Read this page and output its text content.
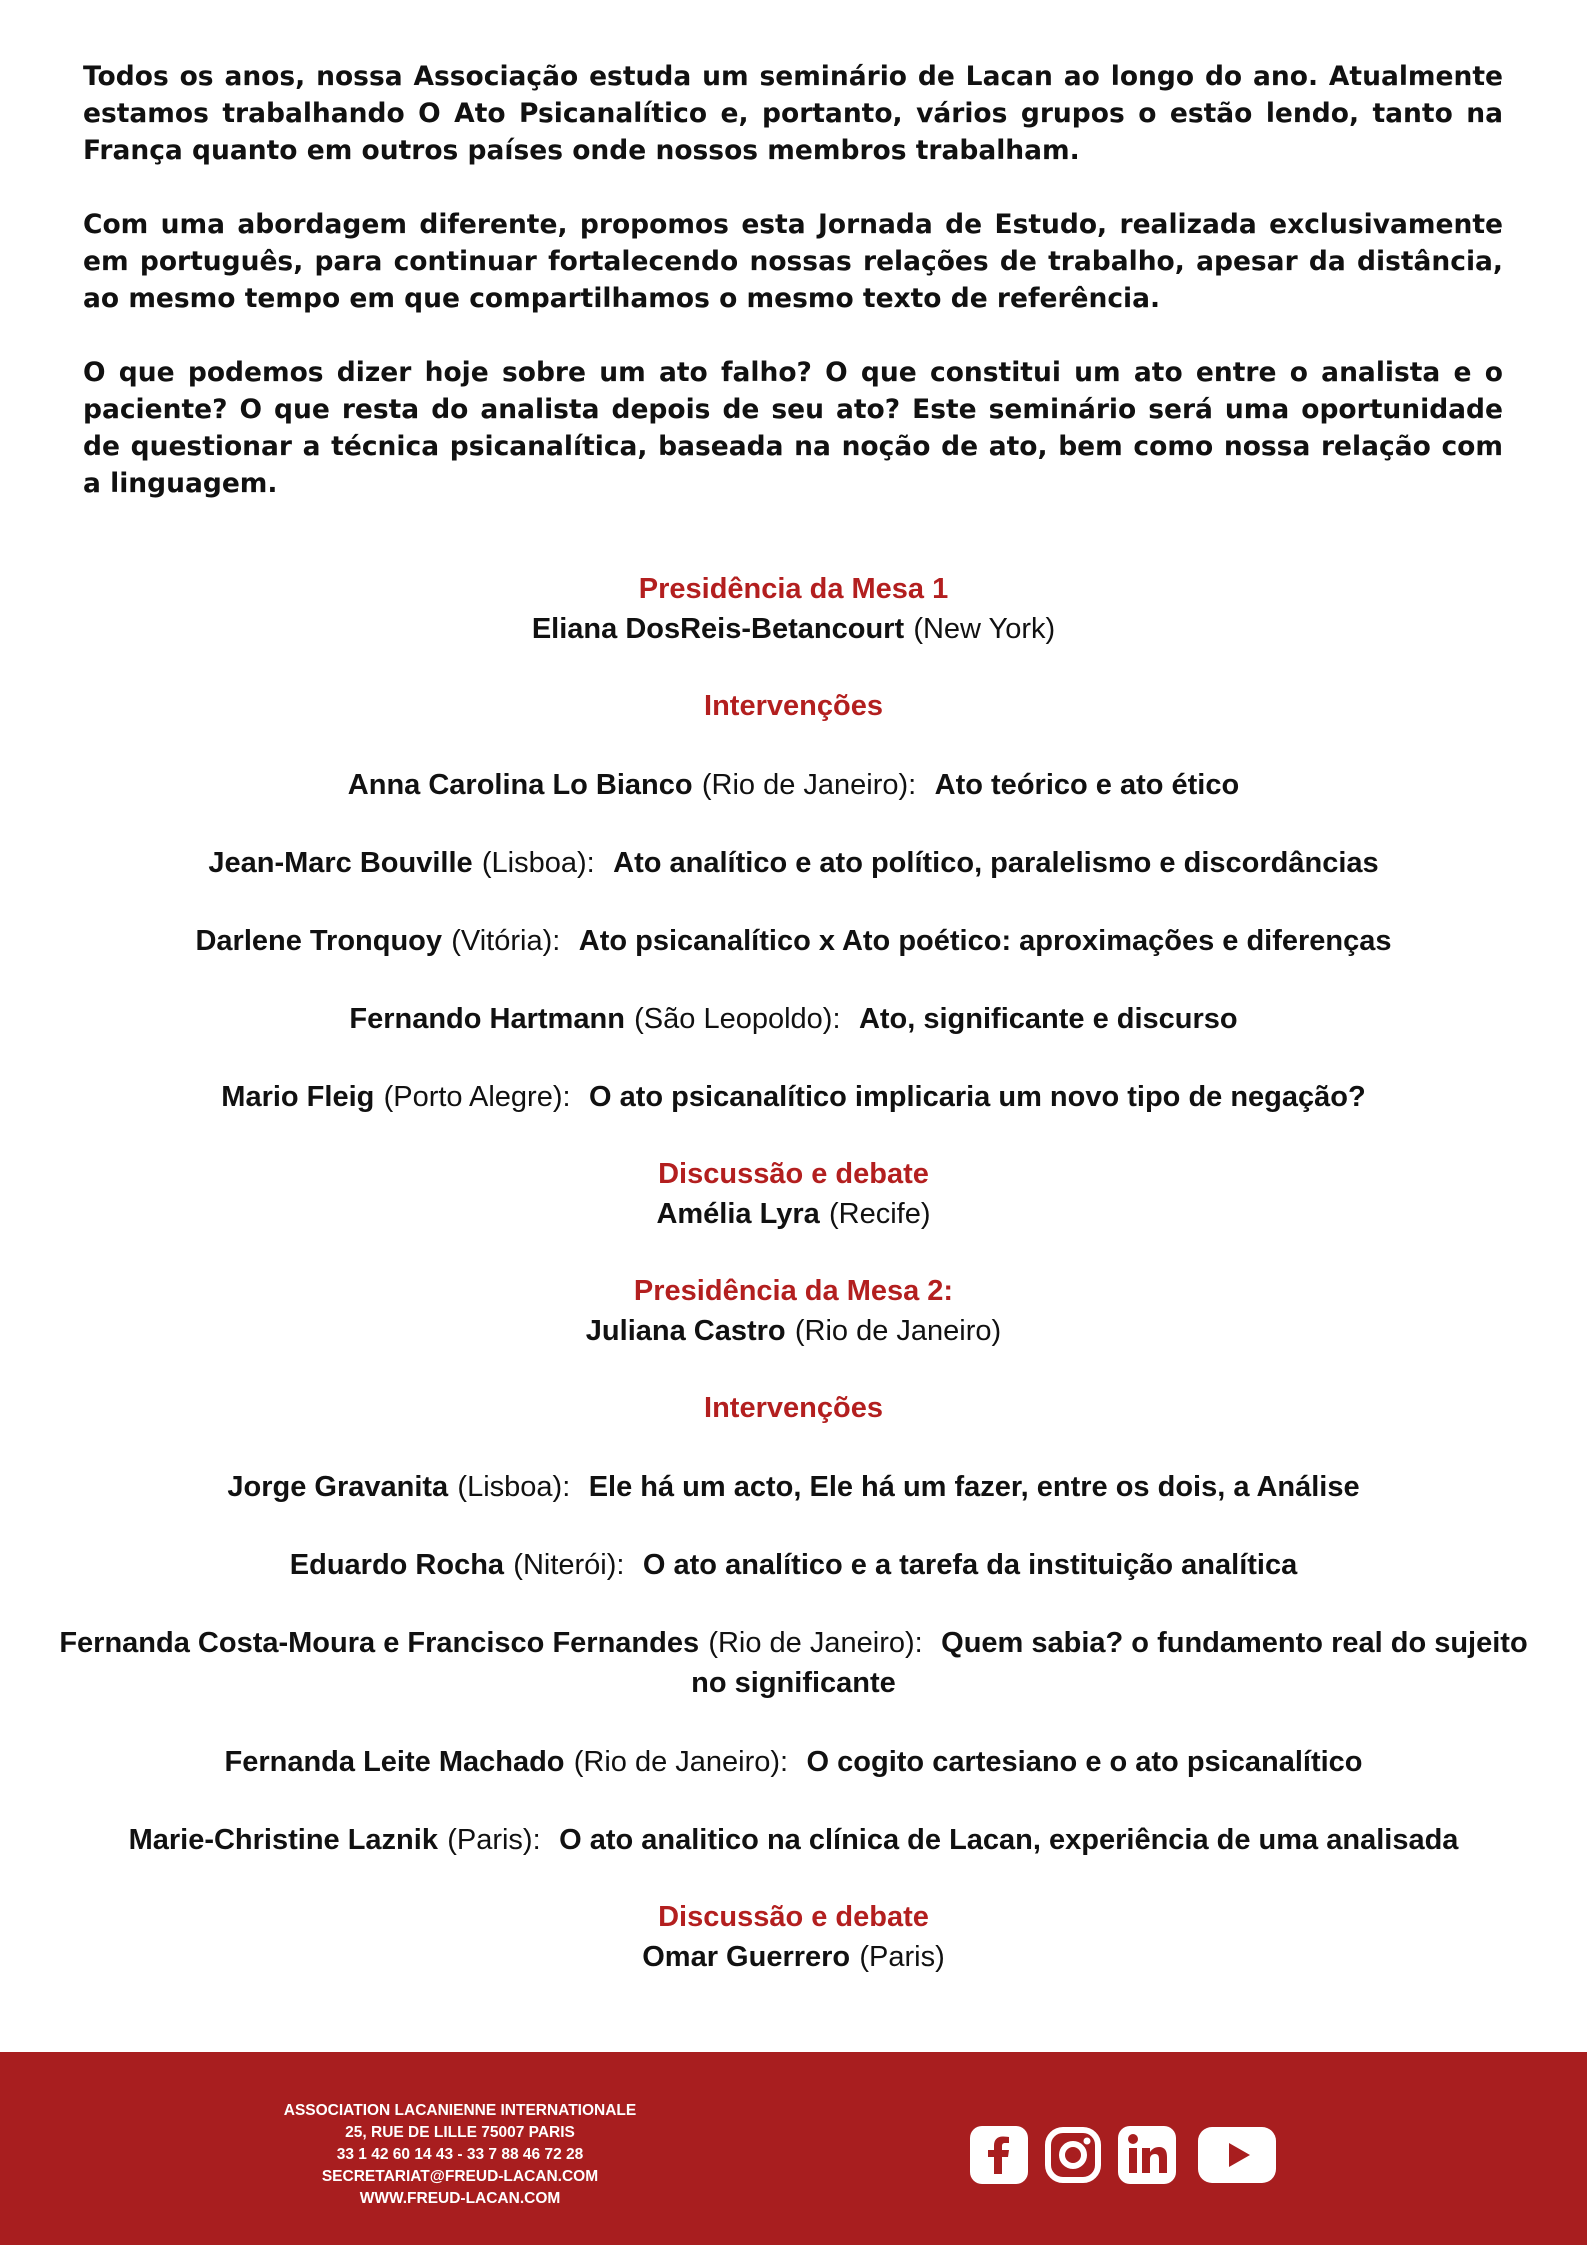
Todos os anos, nossa Associação estuda um seminário de Lacan ao longo do ano. Atualmente estamos trabalhando O Ato Psicanalítico e, portanto, vários grupos o estão lendo, tanto na França quanto em outros países onde nossos membros trabalham.

Com uma abordagem diferente, propomos esta Jornada de Estudo, realizada exclusivamente em português, para continuar fortalecendo nossas relações de trabalho, apesar da distância, ao mesmo tempo em que compartilhamos o mesmo texto de referência.

O que podemos dizer hoje sobre um ato falho? O que constitui um ato entre o analista e o paciente? O que resta do analista depois de seu ato? Este seminário será uma oportunidade de questionar a técnica psicanalítica, baseada na noção de ato, bem como nossa relação com a linguagem.

Presidência da Mesa 1
Eliana DosReis-Betancourt (New York)
Intervenções
Anna Carolina Lo Bianco (Rio de Janeiro): Ato teórico e ato ético
Jean-Marc Bouville (Lisboa): Ato analítico e ato político, paralelismo e discordâncias
Darlene Tronquoy (Vitória): Ato psicanalítico x Ato poético: aproximações e diferenças
Fernando Hartmann (São Leopoldo): Ato, significante e discurso
Mario Fleig (Porto Alegre): O ato psicanalítico implicaria um novo tipo de negação?
Discussão e debate
Amélia Lyra (Recife)
Presidência da Mesa 2:
Juliana Castro (Rio de Janeiro)
Intervenções
Jorge Gravanita (Lisboa): Ele há um acto, Ele há um fazer, entre os dois, a Análise
Eduardo Rocha (Niterói): O ato analítico e a tarefa da instituição analítica
Fernanda Costa-Moura e Francisco Fernandes (Rio de Janeiro): Quem sabia? o fundamento real do sujeito no significante
Fernanda Leite Machado (Rio de Janeiro): O cogito cartesiano e o ato psicanalítico
Marie-Christine Laznik (Paris): O ato analitico na clínica de Lacan, experiência de uma analisada
Discussão e debate
Omar Guerrero (Paris)
ASSOCIATION LACANIENNE INTERNATIONALE
25, RUE DE LILLE 75007 PARIS
33 1 42 60 14 43 - 33 7 88 46 72 28
SECRETARIAT@FREUD-LACAN.COM
WWW.FREUD-LACAN.COM
